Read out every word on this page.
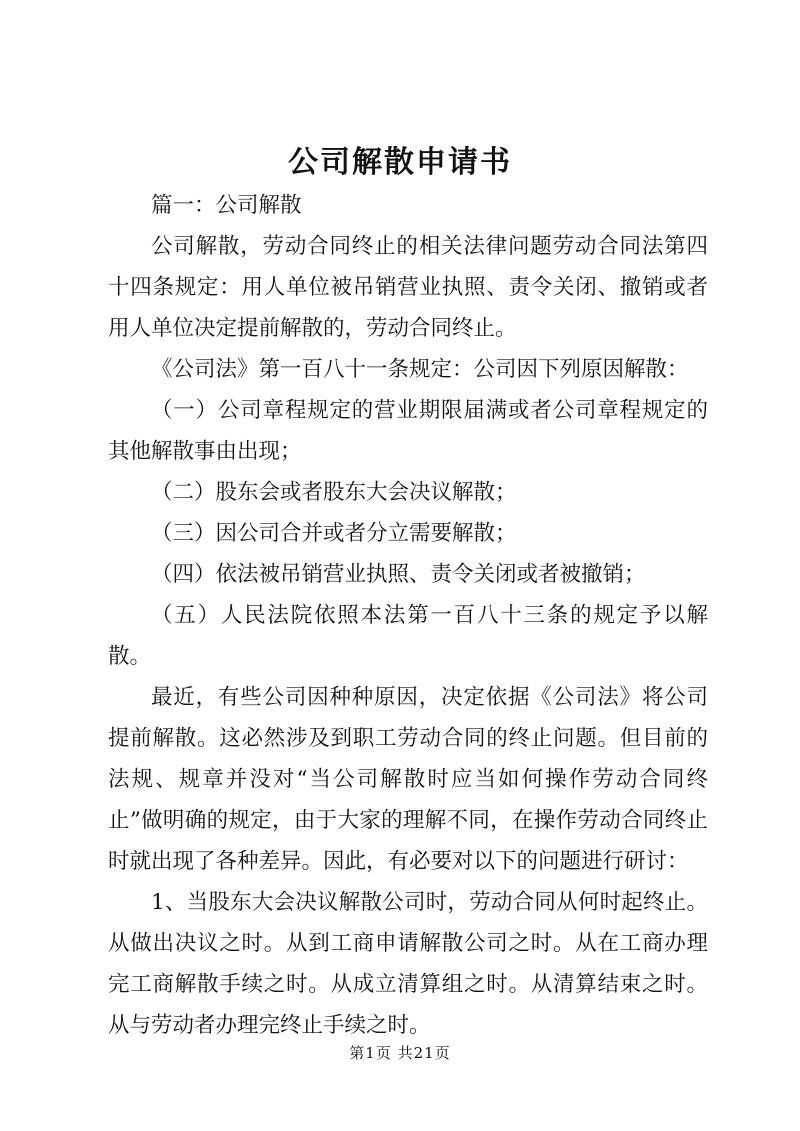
公司解散申请书

篇一：公司解散

公司解散，劳动合同终止的相关法律问题劳动合同法第四十四条规定：用人单位被吊销营业执照、责令关闭、撤销或者用人单位决定提前解散的，劳动合同终止。

《公司法》第一百八十一条规定：公司因下列原因解散：

（一）公司章程规定的营业期限届满或者公司章程规定的其他解散事由出现；

（二）股东会或者股东大会决议解散；

（三）因公司合并或者分立需要解散；

（四）依法被吊销营业执照、责令关闭或者被撤销；

（五）人民法院依照本法第一百八十三条的规定予以解散。

最近，有些公司因种种原因，决定依据《公司法》将公司提前解散。这必然涉及到职工劳动合同的终止问题。但目前的法规、规章并没对“当公司解散时应当如何操作劳动合同终止”做明确的规定，由于大家的理解不同，在操作劳动合同终止时就出现了各种差异。因此，有必要对以下的问题进行研讨：

1、当股东大会决议解散公司时，劳动合同从何时起终止。从做出决议之时。从到工商申请解散公司之时。从在工商办理完工商解散手续之时。从成立清算组之时。从清算结束之时。从与劳动者办理完终止手续之时。

第1页 共21页
